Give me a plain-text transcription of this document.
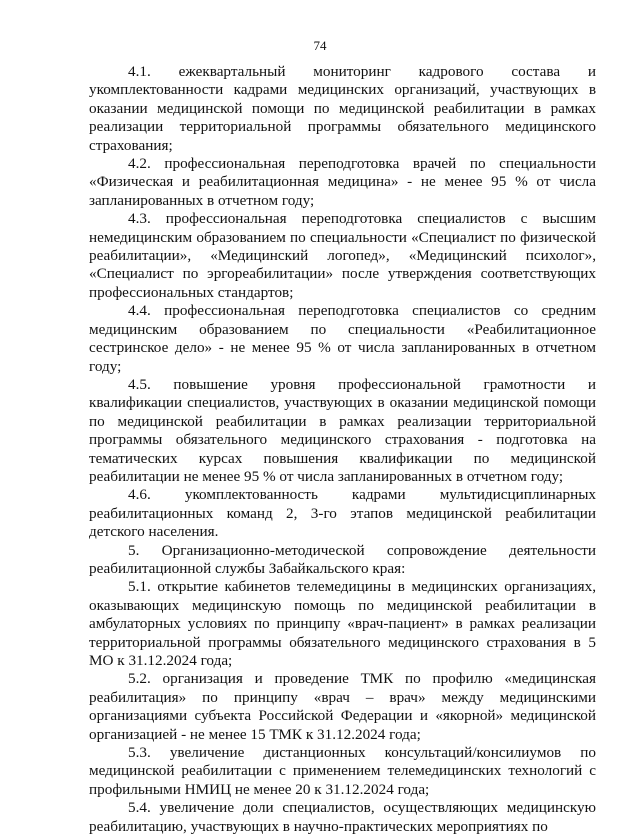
74

4.1. ежеквартальный мониторинг кадрового состава и укомплектованности кадрами медицинских организаций, участвующих в оказании медицинской помощи по медицинской реабилитации в рамках реализации территориальной программы обязательного медицинского страхования;

4.2. профессиональная переподготовка врачей по специальности «Физическая и реабилитационная медицина» - не менее 95 % от числа запланированных в отчетном году;

4.3. профессиональная переподготовка специалистов с высшим немедицинским образованием по специальности «Специалист по физической реабилитации», «Медицинский логопед», «Медицинский психолог», «Специалист по эргореабилитации» после утверждения соответствующих профессиональных стандартов;

4.4. профессиональная переподготовка специалистов со средним медицинским образованием по специальности «Реабилитационное сестринское дело» - не менее 95 % от числа запланированных в отчетном году;

4.5. повышение уровня профессиональной грамотности и квалификации специалистов, участвующих в оказании медицинской помощи по медицинской реабилитации в рамках реализации территориальной программы обязательного медицинского страхования - подготовка на тематических курсах повышения квалификации по медицинской реабилитации не менее 95 % от числа запланированных в отчетном году;

4.6. укомплектованность кадрами мультидисциплинарных реабилитационных команд 2, 3-го этапов медицинской реабилитации детского населения.

5. Организационно-методической сопровождение деятельности реабилитационной службы Забайкальского края:

5.1. открытие кабинетов телемедицины в медицинских организациях, оказывающих медицинскую помощь по медицинской реабилитации в амбулаторных условиях по принципу «врач-пациент» в рамках реализации территориальной программы обязательного медицинского страхования в 5 МО к 31.12.2024 года;

5.2. организация и проведение ТМК по профилю «медицинская реабилитация» по принципу «врач – врач» между медицинскими организациями субъекта Российской Федерации и «якорной» медицинской организацией - не менее 15 ТМК к 31.12.2024 года;

5.3. увеличение дистанционных консультаций/консилиумов по медицинской реабилитации с применением телемедицинских технологий с профильными НМИЦ не менее 20 к 31.12.2024 года;

5.4. увеличение доли специалистов, осуществляющих медицинскую реабилитацию, участвующих в научно-практических мероприятиях по
